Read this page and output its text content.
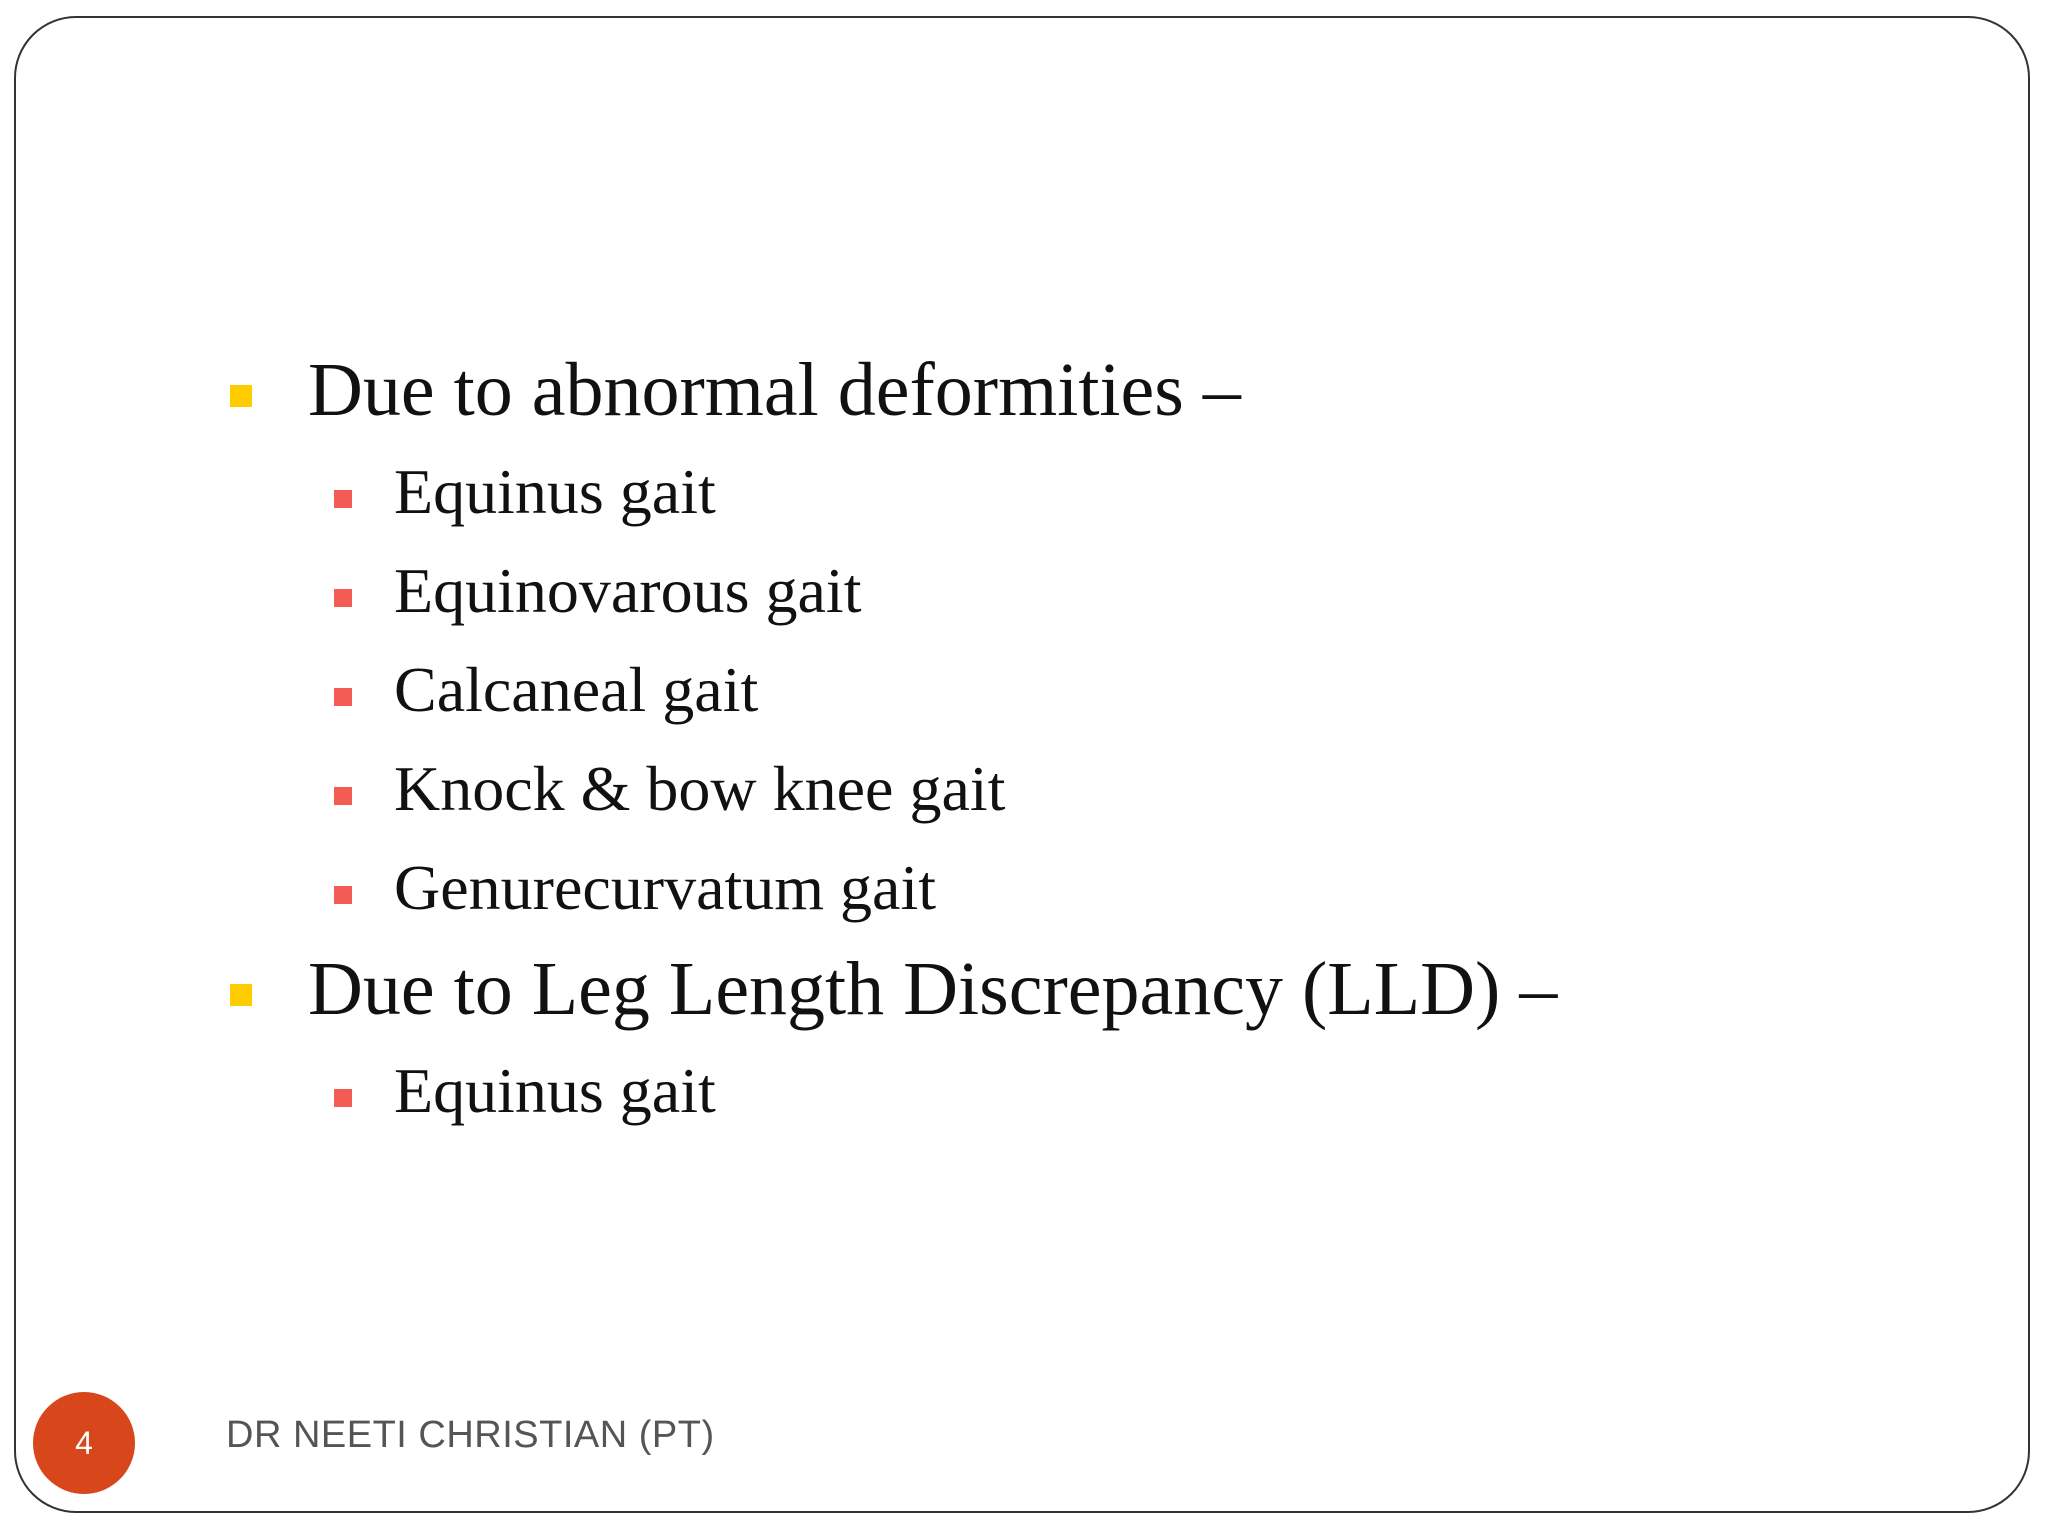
Due to abnormal deformities –
Equinus gait
Equinovarous gait
Calcaneal gait
Knock & bow knee gait
Genurecurvatum gait
Due to Leg Length Discrepancy (LLD) –
Equinus gait
4	DR NEETI CHRISTIAN (PT)
